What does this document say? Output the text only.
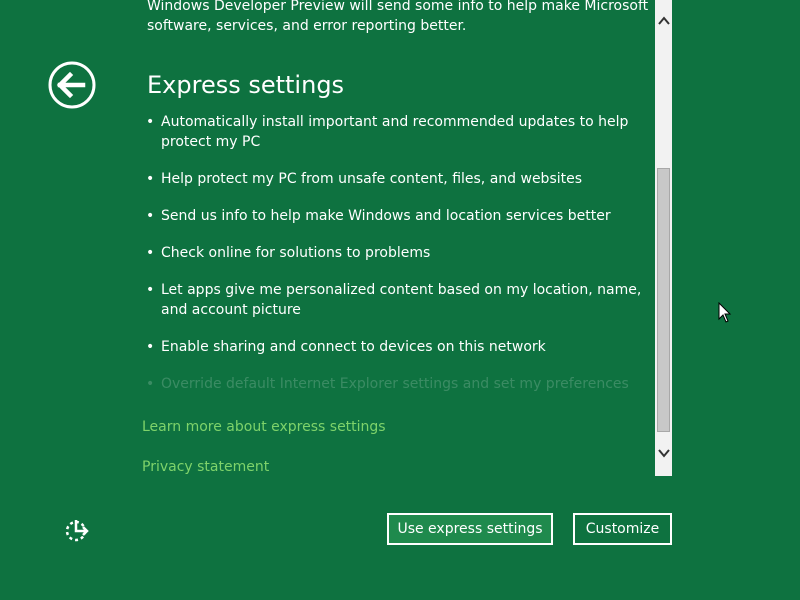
Windows Developer Preview will send some info to help make Microsoft
software, services, and error reporting better.
Express settings
• Automatically install important and recommended updates to help protect my PC
• Help protect my PC from unsafe content, files, and websites
• Send us info to help make Windows and location services better
• Check online for solutions to problems
• Let apps give me personalized content based on my location, name, and account picture
• Enable sharing and connect to devices on this network
• Override default Internet Explorer settings and set my preferences
Learn more about express settings
Privacy statement
Use express settings	Customize
